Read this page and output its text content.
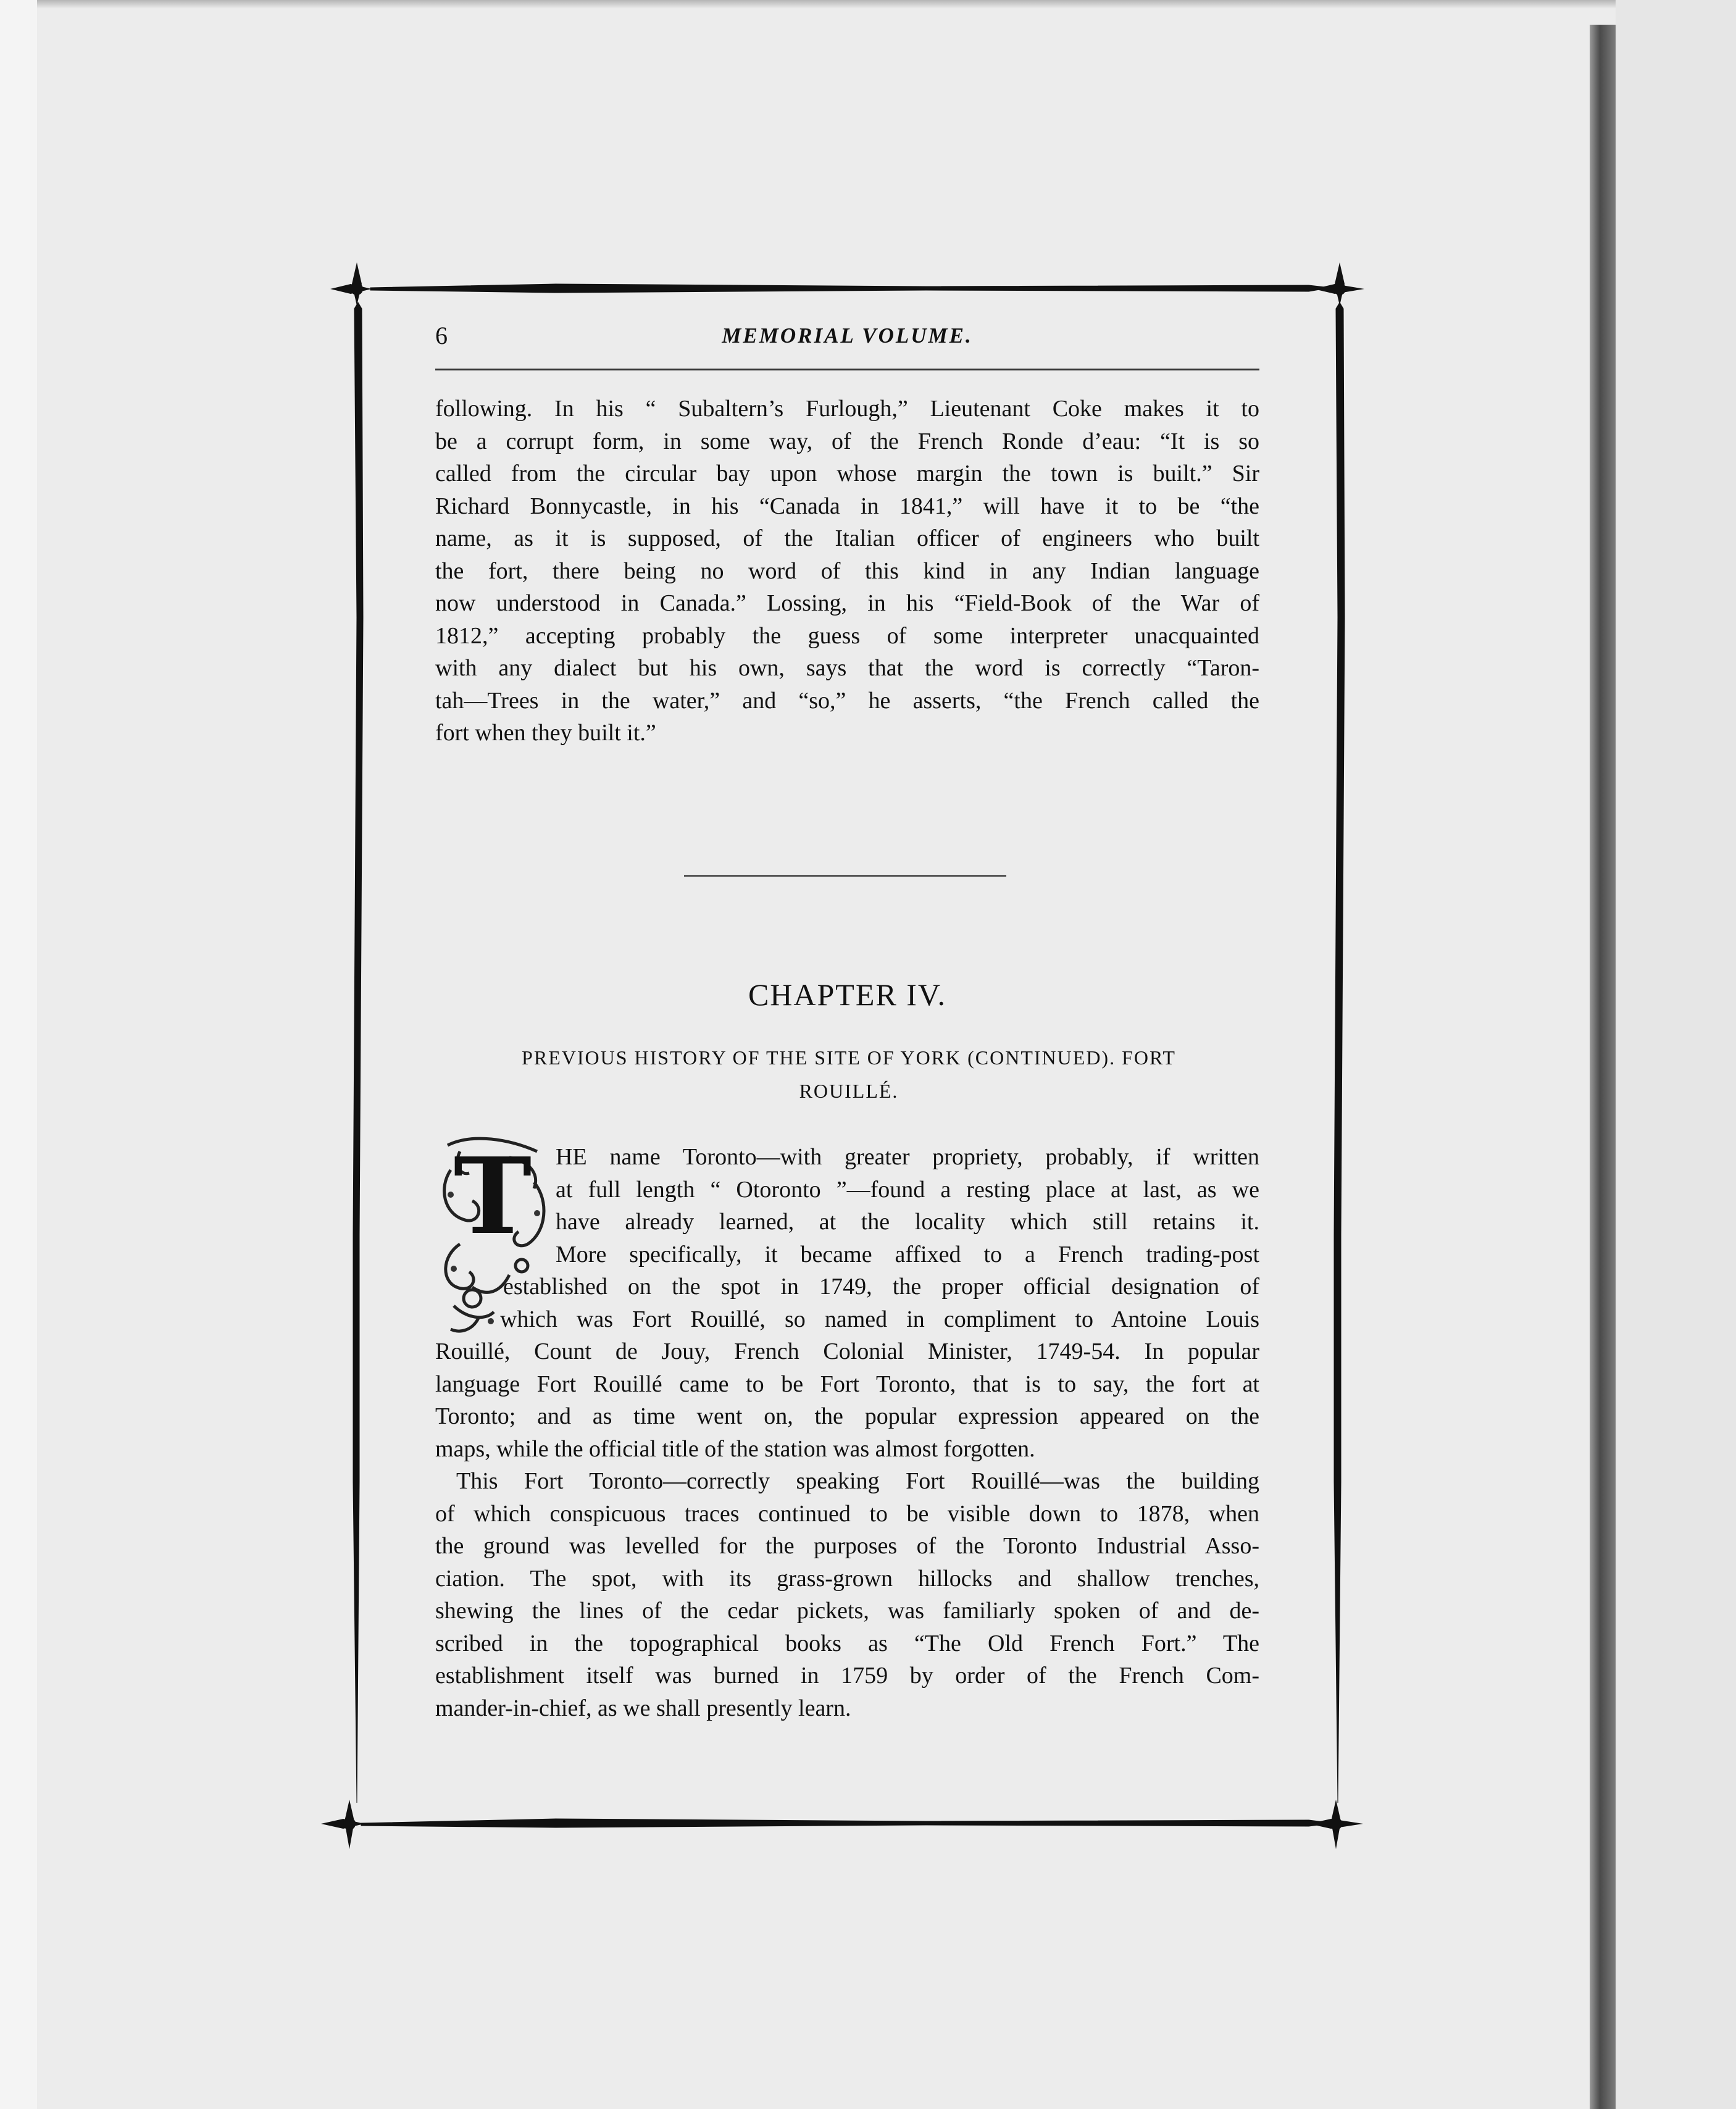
6	MEMORIAL VOLUME.
following. In his “ Subaltern’s Furlough,” Lieutenant Coke makes it to
be a corrupt form, in some way, of the French Ronde d’eau: “It is so
called from the circular bay upon whose margin the town is built.” Sir
Richard Bonnycastle, in his “Canada in 1841,” will have it to be “the
name, as it is supposed, of the Italian officer of engineers who built
the fort, there being no word of this kind in any Indian language
now understood in Canada.” Lossing, in his “Field-Book of the War of
1812,” accepting probably the guess of some interpreter unacquainted
with any dialect but his own, says that the word is correctly “Taron-
tah—Trees in the water,” and “so,” he asserts, “the French called the
fort when they built it.”
CHAPTER IV.
PREVIOUS HISTORY OF THE SITE OF YORK (CONTINUED). FORT
ROUILLÉ.
T	HE name Toronto—with greater propriety, probably, if written
at full length “ Otoronto ”—found a resting place at last, as we
have already learned, at the locality which still retains it.
More specifically, it became affixed to a French trading-post
established on the spot in 1749, the proper official designation of
which was Fort Rouillé, so named in compliment to Antoine Louis
Rouillé, Count de Jouy, French Colonial Minister, 1749-54. In popular
language Fort Rouillé came to be Fort Toronto, that is to say, the fort at
Toronto; and as time went on, the popular expression appeared on the
maps, while the official title of the station was almost forgotten.
This Fort Toronto—correctly speaking Fort Rouillé—was the building
of which conspicuous traces continued to be visible down to 1878, when
the ground was levelled for the purposes of the Toronto Industrial Asso-
ciation. The spot, with its grass-grown hillocks and shallow trenches,
shewing the lines of the cedar pickets, was familiarly spoken of and de-
scribed in the topographical books as “The Old French Fort.” The
establishment itself was burned in 1759 by order of the French Com-
mander-in-chief, as we shall presently learn.
